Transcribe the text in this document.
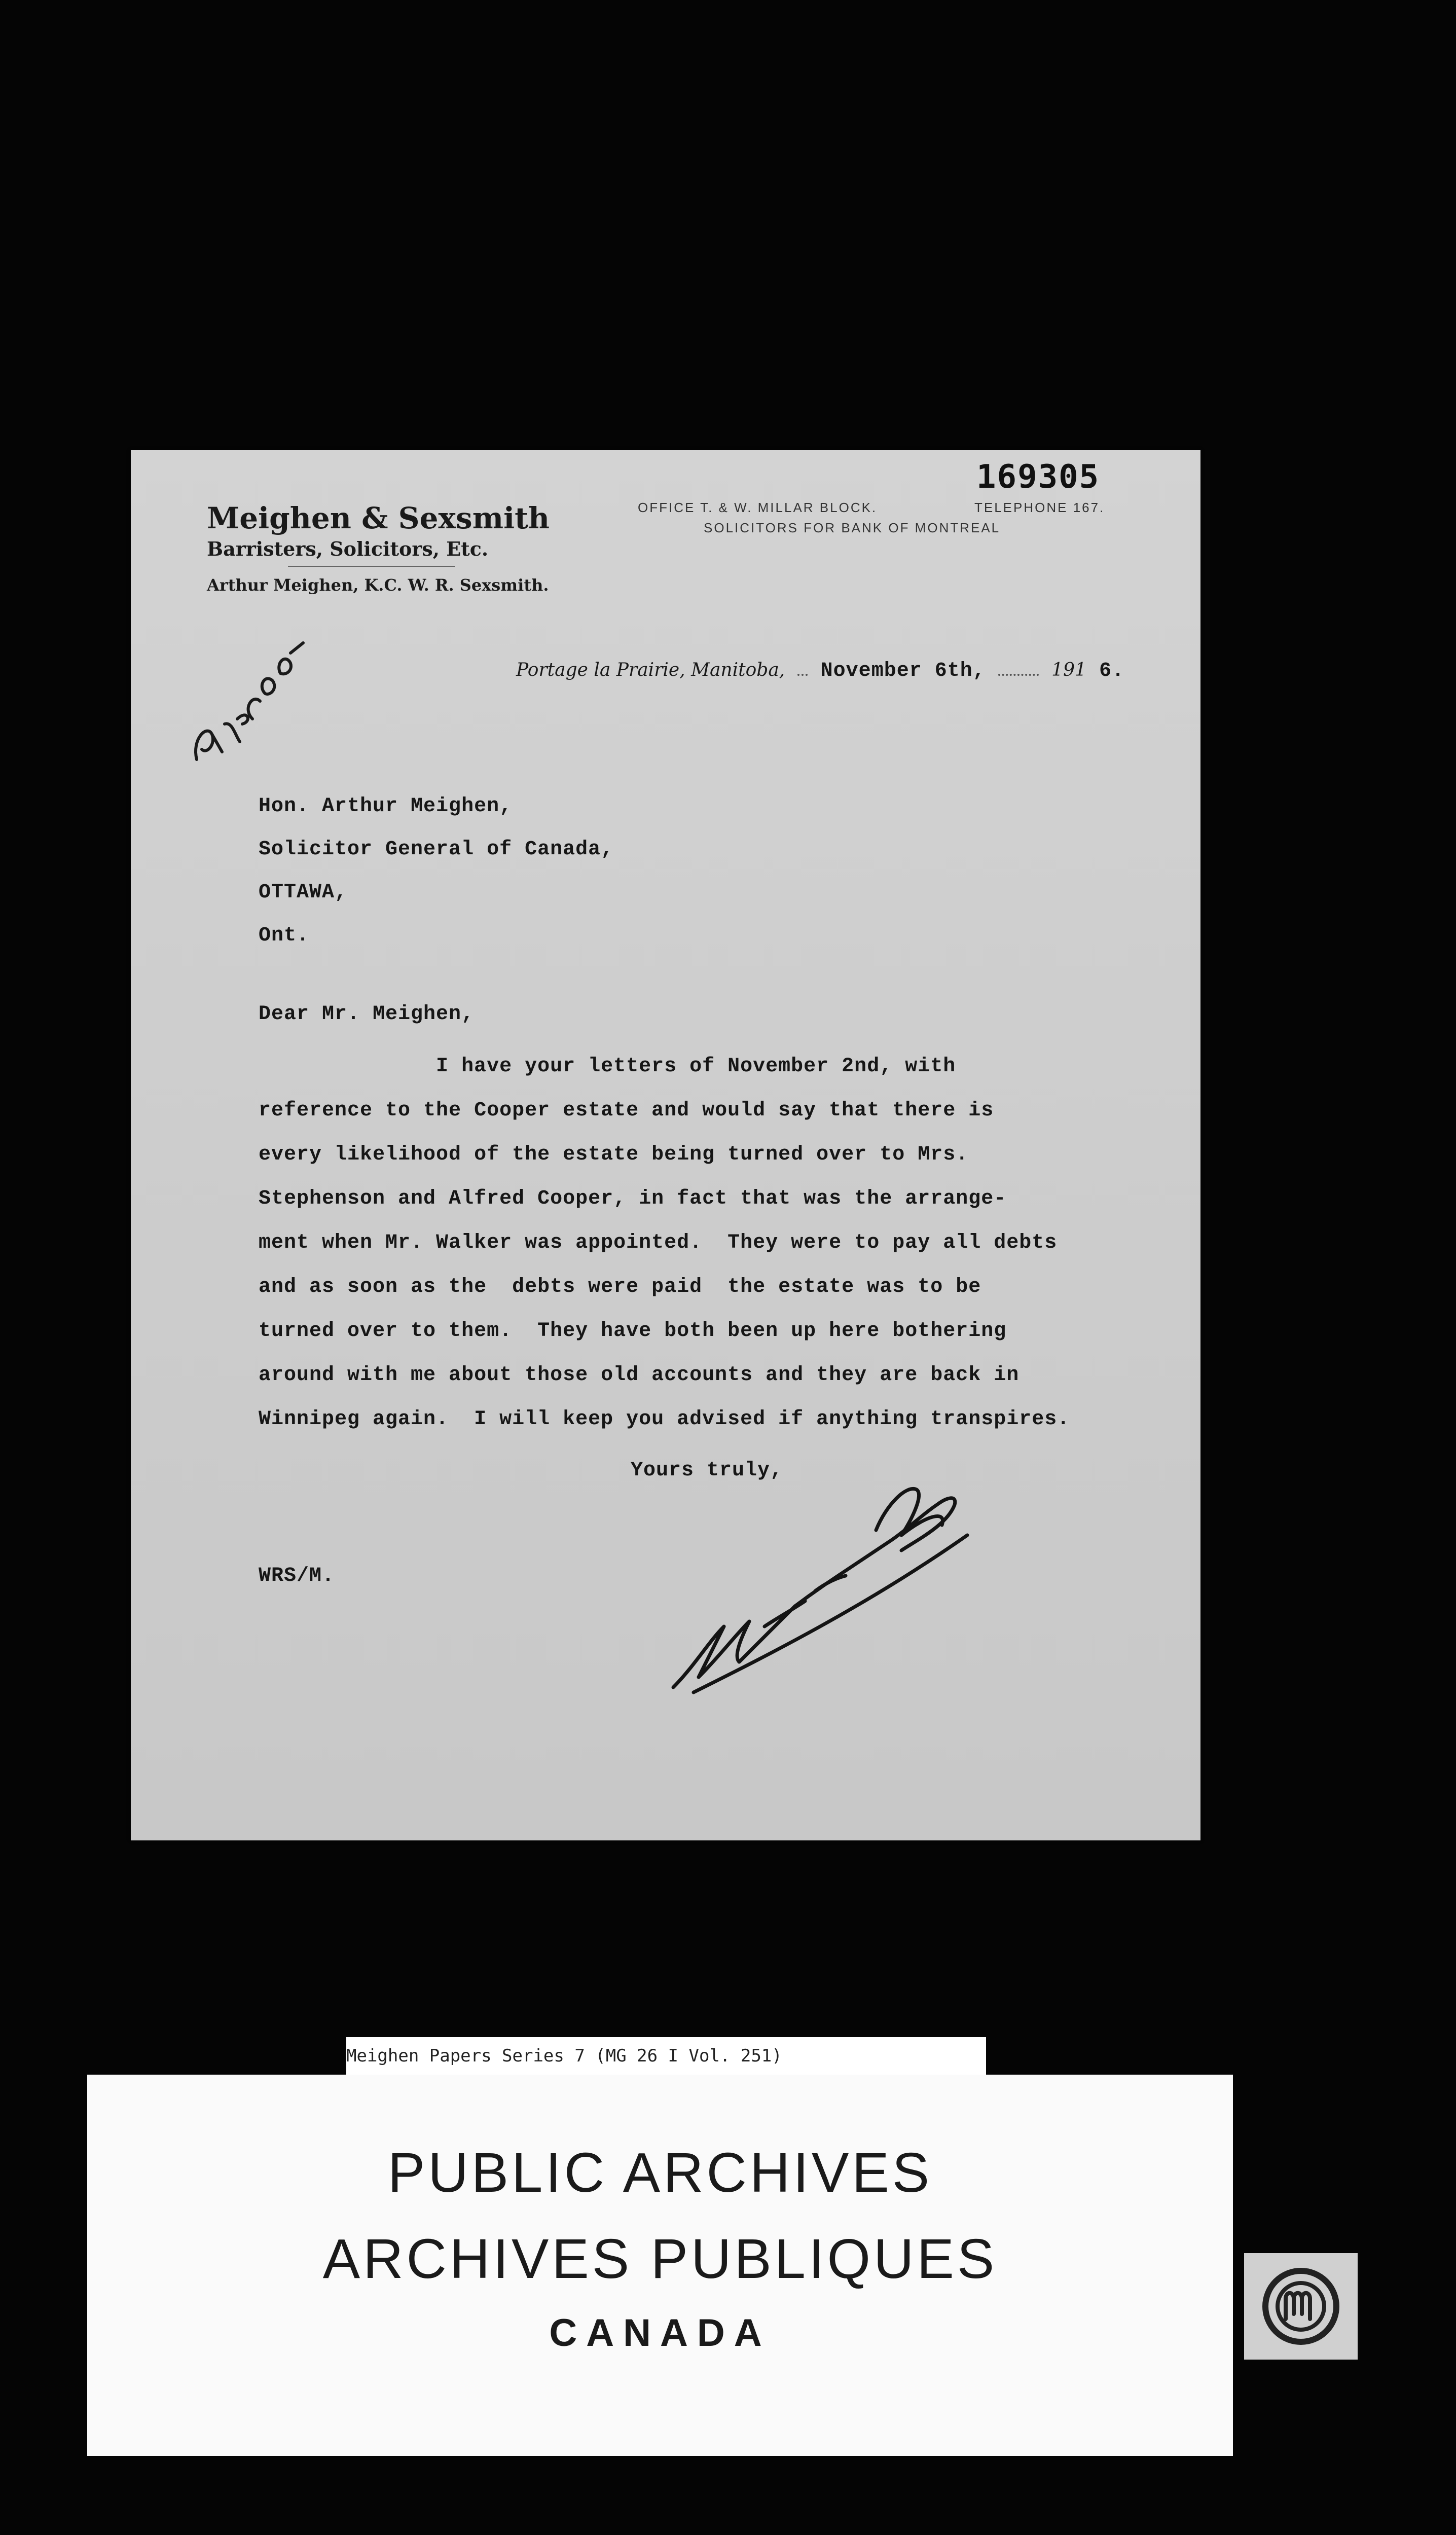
169305
Meighen & Sexsmith
Barristers, Solicitors, Etc.
Arthur Meighen, K.C. W. R. Sexsmith.
OFFICE T. & W. MILLAR BLOCK.	TELEPHONE 167.
SOLICITORS FOR BANK OF MONTREAL
Portage la Prairie, Manitoba, November 6th,	191 6.
Hon. Arthur Meighen,
Solicitor General of Canada,
OTTAWA,
Ont.
Dear Mr. Meighen,
I have your letters of November 2nd, with
reference to the Cooper estate and would say that there is
every likelihood of the estate being turned over to Mrs.
Stephenson and Alfred Cooper, in fact that was the arrange-
ment when Mr. Walker was appointed.  They were to pay all debts
and as soon as the  debts were paid  the estate was to be
turned over to them.  They have both been up here bothering
around with me about those old accounts and they are back in
Winnipeg again.  I will keep you advised if anything transpires.
Yours truly,
WRS/M.
Meighen Papers Series 7 (MG 26 I Vol. 251)
PUBLIC ARCHIVES
ARCHIVES PUBLIQUES
CANADA
